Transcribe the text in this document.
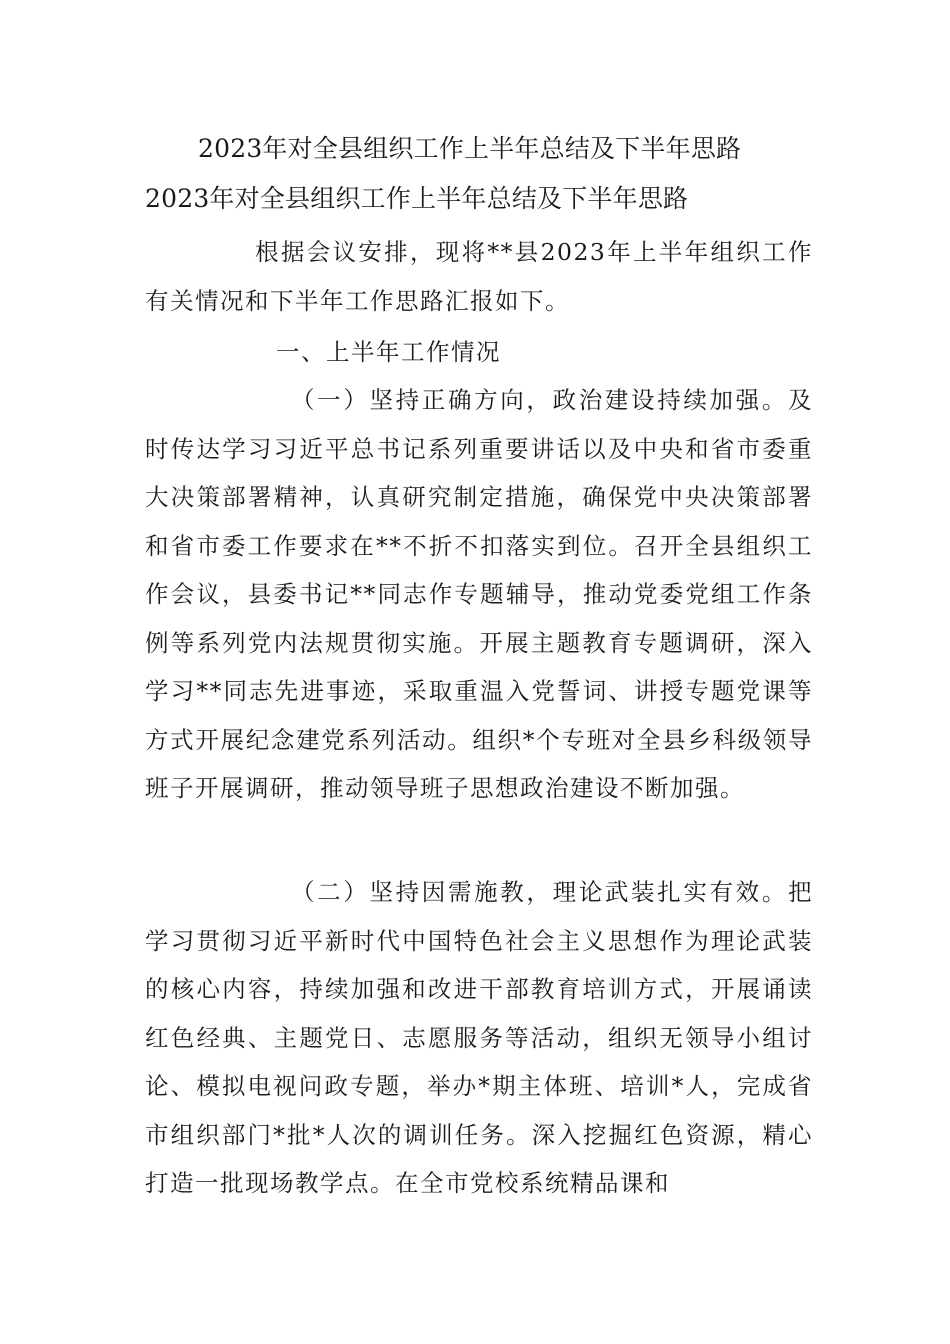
2023年对全县组织工作上半年总结及下半年思路
2023年对全县组织工作上半年总结及下半年思路

根据会议安排，现将**县2023年上半年组织工作有关情况和下半年工作思路汇报如下。

一、上半年工作情况

（一）坚持正确方向，政治建设持续加强。及时传达学习习近平总书记系列重要讲话以及中央和省市委重大决策部署精神，认真研究制定措施，确保党中央决策部署和省市委工作要求在**不折不扣落实到位。召开全县组织工作会议，县委书记**同志作专题辅导，推动党委党组工作条例等系列党内法规贯彻实施。开展主题教育专题调研，深入学习**同志先进事迹，采取重温入党誓词、讲授专题党课等方式开展纪念建党系列活动。组织*个专班对全县乡科级领导班子开展调研，推动领导班子思想政治建设不断加强。

（二）坚持因需施教，理论武装扎实有效。把学习贯彻习近平新时代中国特色社会主义思想作为理论武装的核心内容，持续加强和改进干部教育培训方式，开展诵读红色经典、主题党日、志愿服务等活动，组织无领导小组讨论、模拟电视问政专题，举办*期主体班、培训*人，完成省市组织部门*批*人次的调训任务。深入挖掘红色资源，精心打造一批现场教学点。在全市党校系统精品课和
